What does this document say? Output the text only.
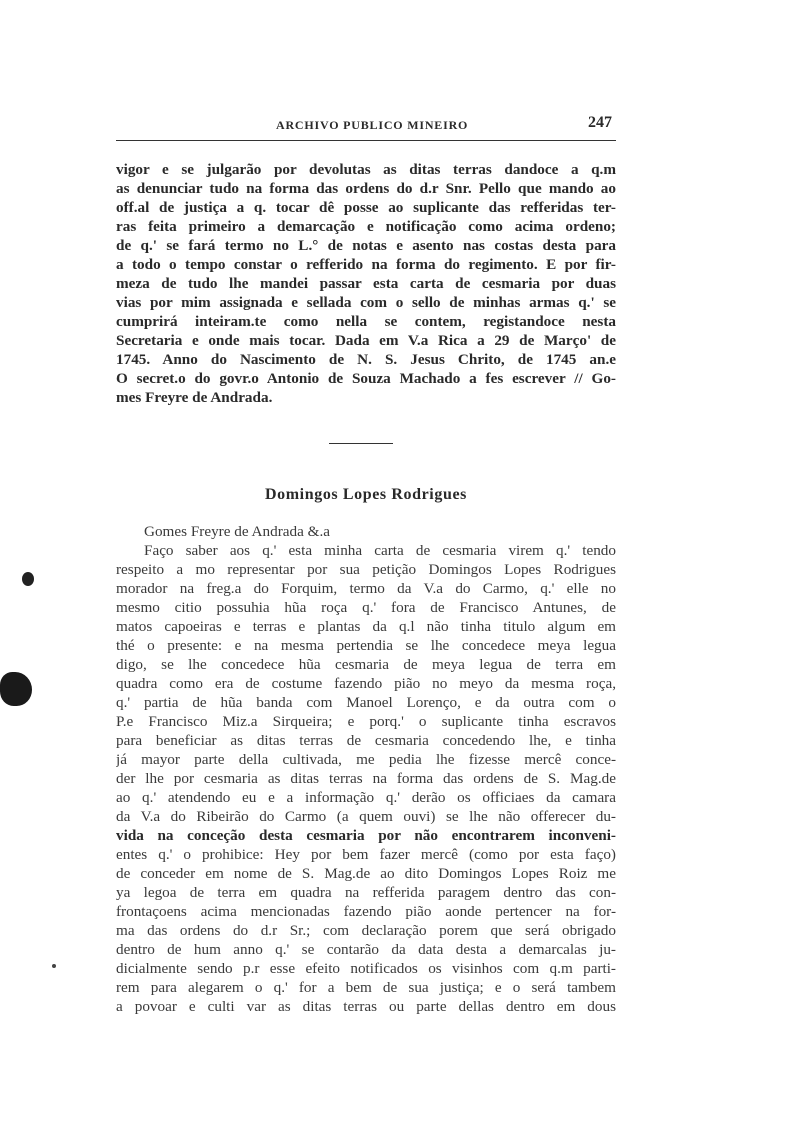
ARCHIVO PUBLICO MINEIRO	247
vigor e se julgarão por devolutas as ditas terras dandoce a q.m
as denunciar tudo na forma das ordens do d.r Snr. Pello que mando ao
off.al de justiça a q. tocar dê posse ao suplicante das refferidas ter-
ras feita primeiro a demarcação e notificação como acima ordeno;
de q.' se fará termo no L.° de notas e asento nas costas desta para
a todo o tempo constar o refferido na forma do regimento. E por fir-
meza de tudo lhe mandei passar esta carta de cesmaria por duas
vias por mim assignada e sellada com o sello de minhas armas q.' se
cumprirá inteiram.te como nella se contem, registandoce nesta
Secretaria e onde mais tocar. Dada em V.a Rica a 29 de Março' de
1745. Anno do Nascimento de N. S. Jesus Chrito, de 1745 an.e
O secret.o do govr.o Antonio de Souza Machado a fes escrever // Go-
mes Freyre de Andrada.
Domingos Lopes Rodrigues
Gomes Freyre de Andrada &.a
Faço saber aos q.' esta minha carta de cesmaria virem q.' tendo
respeito a mo representar por sua petição Domingos Lopes Rodrigues
morador na freg.a do Forquim, termo da V.a do Carmo, q.' elle no
mesmo citio possuhia hũa roça q.' fora de Francisco Antunes, de
matos capoeiras e terras e plantas da q.l não tinha titulo algum em
thé o presente: e na mesma pertendia se lhe concedece meya legua
digo, se lhe concedece hũa cesmaria de meya legua de terra em
quadra como era de costume fazendo pião no meyo da mesma roça,
q.' partia de hũa banda com Manoel Lorenço, e da outra com o
P.e Francisco Miz.a Sirqueira; e porq.' o suplicante tinha escravos
para beneficiar as ditas terras de cesmaria concedendo lhe, e tinha
já mayor parte della cultivada, me pedia lhe fizesse mercê conce-
der lhe por cesmaria as ditas terras na forma das ordens de S. Mag.de
ao q.' atendendo eu e a informação q.' derão os officiaes da camara
da V.a do Ribeirão do Carmo (a quem ouvi) se lhe não offerecer du-
vida na conceção desta cesmaria por não encontrarem inconveni-
entes q.' o prohibice: Hey por bem fazer mercê (como por esta faço)
de conceder em nome de S. Mag.de ao dito Domingos Lopes Roiz me
ya legoa de terra em quadra na refferida paragem dentro das con-
frontaçoens acima mencionadas fazendo pião aonde pertencer na for-
ma das ordens do d.r Sr.; com declaração porem que será obrigado
dentro de hum anno q.' se contarão da data desta a demarcalas ju-
dicialmente sendo p.r esse efeito notificados os visinhos com q.m parti-
rem para alegarem o q.' for a bem de sua justiça; e o será tambem
a povoar e culti var as ditas terras ou parte dellas dentro em dous
